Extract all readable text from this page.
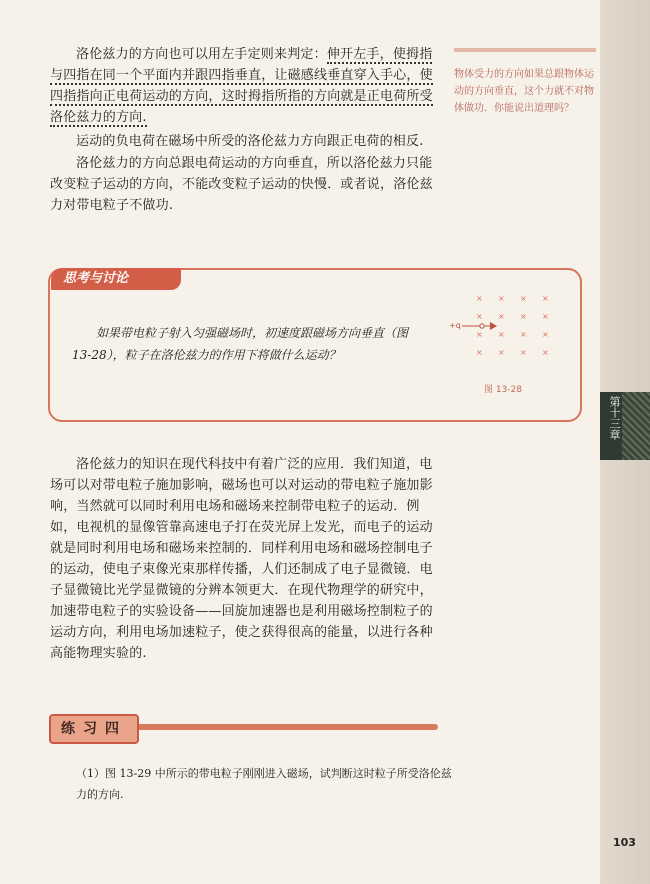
洛伦兹力的方向也可以用左手定则来判定：伸开左手，使拇指与四指在同一个平面内并跟四指垂直，让磁感线垂直穿入手心，使四指指向正电荷运动的方向，这时拇指所指的方向就是正电荷所受洛伦兹力的方向.

运动的负电荷在磁场中所受的洛伦兹力方向跟正电荷的相反.

洛伦兹力的方向总跟电荷运动的方向垂直，所以洛伦兹力只能改变粒子运动的方向，不能改变粒子运动的快慢．或者说，洛伦兹力对带电粒子不做功.

物体受力的方向如果总跟物体运动的方向垂直，这个力就不对物体做功．你能说出道理吗？
思考与讨论

如果带电粒子射入匀强磁场时，初速度跟磁场方向垂直（图 13-28），粒子在洛伦兹力的作用下将做什么运动？

× × × ×
× × × ×
× × × ×
× × × ×
+q
图 13-28

洛伦兹力的知识在现代科技中有着广泛的应用．我们知道，电场可以对带电粒子施加影响，磁场也可以对运动的带电粒子施加影响，当然就可以同时利用电场和磁场来控制带电粒子的运动．例如，电视机的显像管靠高速电子打在荧光屏上发光，而电子的运动就是同时利用电场和磁场来控制的．同样利用电场和磁场控制电子的运动，使电子束像光束那样传播，人们还制成了电子显微镜．电子显微镜比光学显微镜的分辨本领更大．在现代物理学的研究中，加速带电粒子的实验设备——回旋加速器也是利用磁场控制粒子的运动方向，利用电场加速粒子，使之获得很高的能量，以进行各种高能物理实验的.

练习四

（1）图 13-29 中所示的带电粒子刚刚进入磁场，试判断这时粒子所受洛伦兹力的方向.

第十三章
103
